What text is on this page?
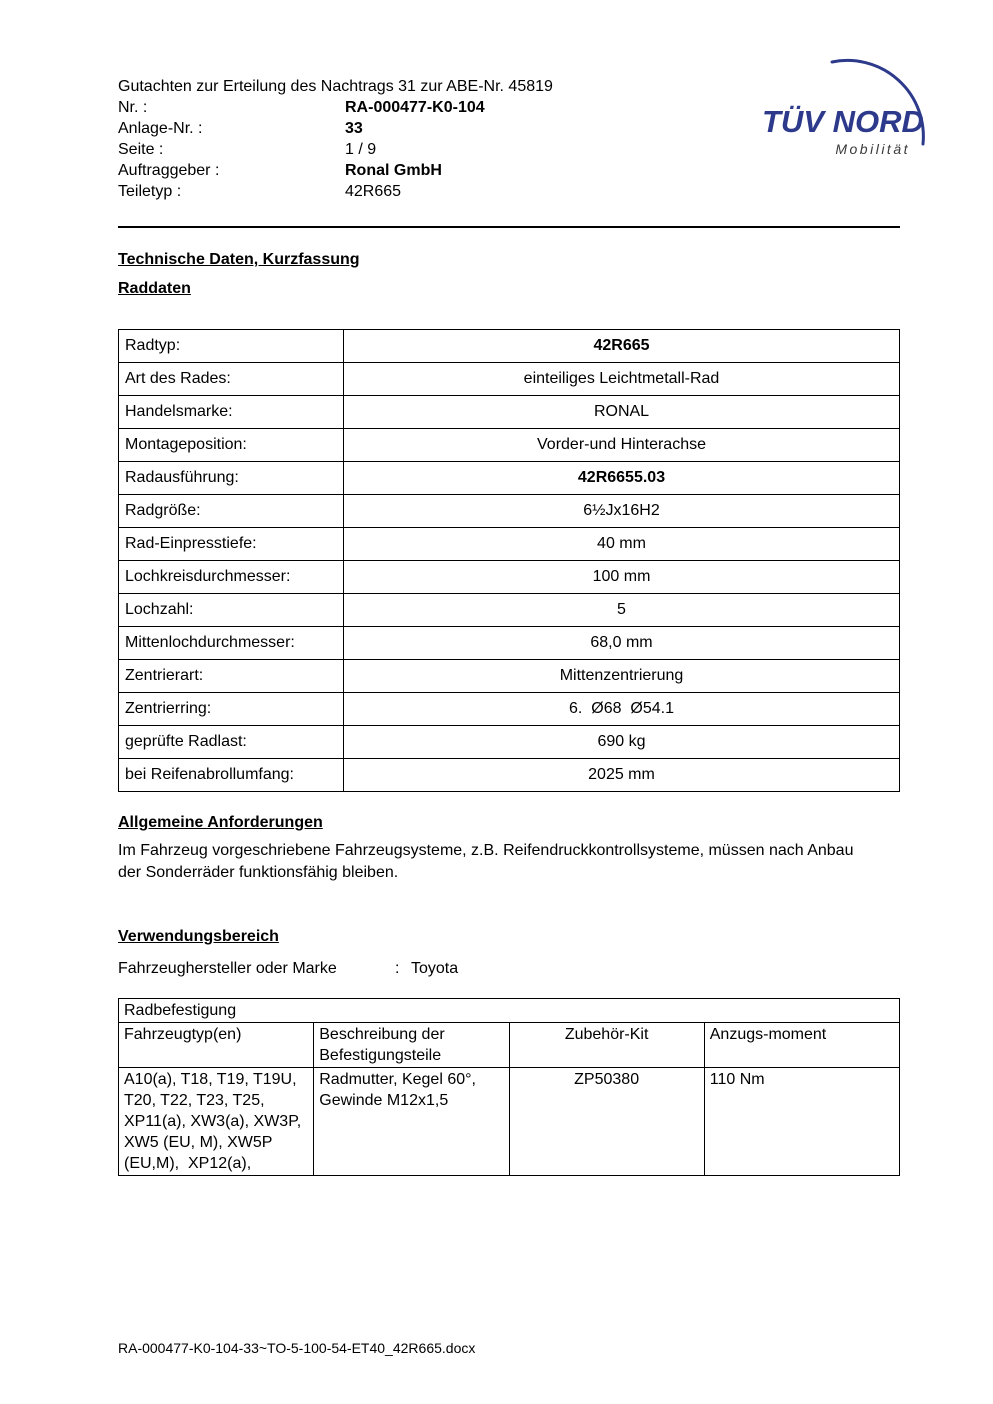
Gutachten zur Erteilung des Nachtrags 31 zur ABE-Nr. 45819

Nr. :	RA-000477-K0-104
Anlage-Nr. :	33
Seite :	1 / 9
Auftraggeber :	Ronal GmbH
Teiletyp :	42R665
TÜV NORD
Mobilität

Technische Daten, Kurzfassung

Raddaten

Radtyp:	42R665
Art des Rades:	einteiliges Leichtmetall-Rad
Handelsmarke:	RONAL
Montageposition:	Vorder-und Hinterachse
Radausführung:	42R6655.03
Radgröße:	6½Jx16H2
Rad-Einpresstiefe:	40 mm
Lochkreisdurchmesser:	100 mm
Lochzahl:	5
Mittenlochdurchmesser:	68,0 mm
Zentrierart:	Mittenzentrierung
Zentrierring:	6.  Ø68  Ø54.1
geprüfte Radlast:	690 kg
bei Reifenabrollumfang:	2025 mm

Allgemeine Anforderungen

Im Fahrzeug vorgeschriebene Fahrzeugsysteme, z.B. Reifendruckkontrollsysteme, müssen nach Anbau der Sonderräder funktionsfähig bleiben.

Verwendungsbereich

Fahrzeughersteller oder Marke	: Toyota
Radbefestigung			
Fahrzeugtyp(en)	Beschreibung der Befestigungsteile	Zubehör-Kit	Anzugs-moment
A10(a), T18, T19, T19U, T20, T22, T23, T25, XP11(a), XW3(a), XW3P, XW5 (EU, M), XW5P (EU,M),  XP12(a),	Radmutter, Kegel 60°, Gewinde M12x1,5	ZP50380	110 Nm
RA-000477-K0-104-33~TO-5-100-54-ET40_42R665.docx
